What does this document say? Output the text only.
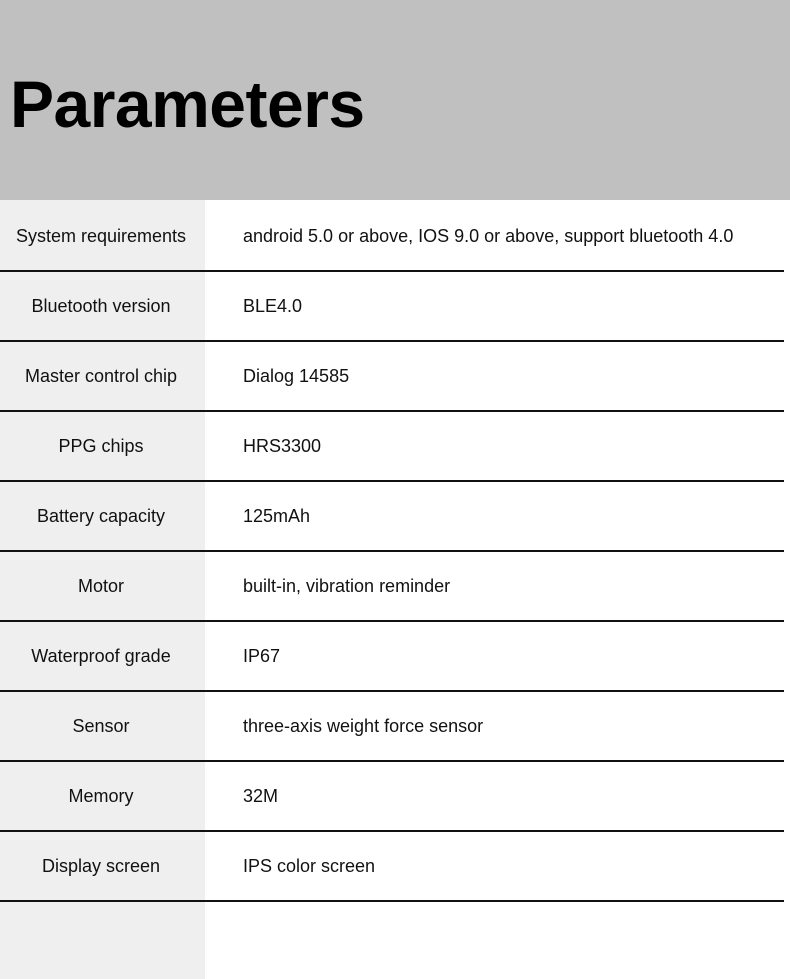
Parameters
System requirements	android 5.0 or above, IOS 9.0 or above, support bluetooth 4.0
Bluetooth version	BLE4.0
Master control chip	Dialog 14585
PPG chips	HRS3300
Battery capacity	125mAh
Motor	built-in, vibration reminder
Waterproof grade	IP67
Sensor	three-axis weight force sensor
Memory	32M
Display screen	IPS color screen
